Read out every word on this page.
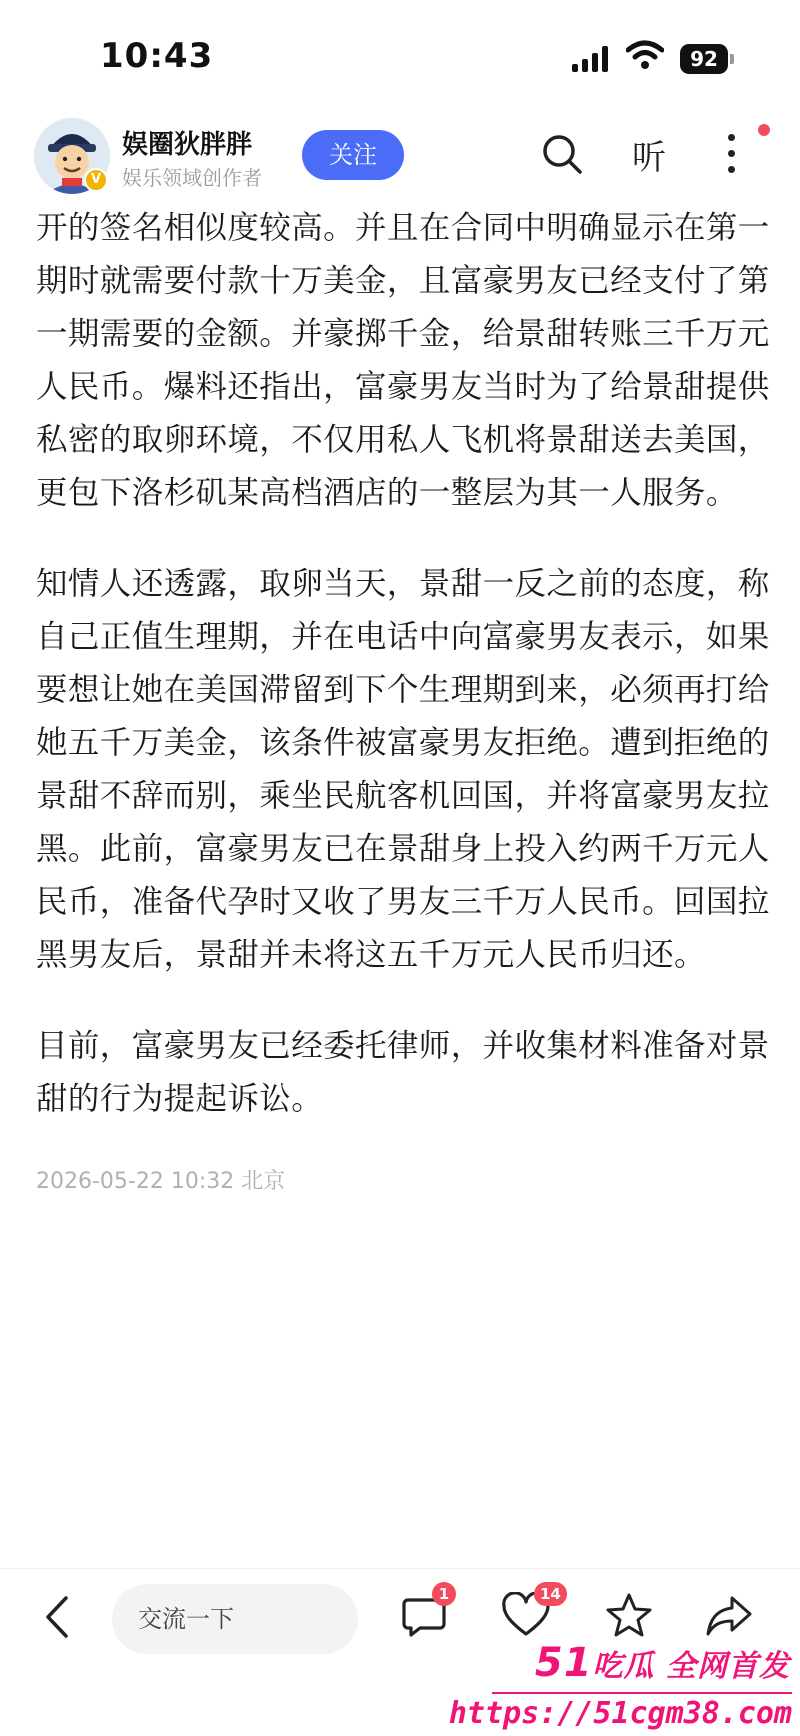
10:43	92
V
娱圈狄胖胖
娱乐领域创作者
关注	听

开的签名相似度较高。并且在合同中明确显示在第一期时就需要付款十万美金，且富豪男友已经支付了第一期需要的金额。并豪掷千金，给景甜转账三千万元人民币。爆料还指出，富豪男友当时为了给景甜提供私密的取卵环境，不仅用私人飞机将景甜送去美国，更包下洛杉矶某高档酒店的一整层为其一人服务。

知情人还透露，取卵当天，景甜一反之前的态度，称自己正值生理期，并在电话中向富豪男友表示，如果要想让她在美国滞留到下个生理期到来，必须再打给她五千万美金，该条件被富豪男友拒绝。遭到拒绝的景甜不辞而别，乘坐民航客机回国，并将富豪男友拉黑。此前，富豪男友已在景甜身上投入约两千万元人民币，准备代孕时又收了男友三千万人民币。回国拉黑男友后，景甜并未将这五千万元人民币归还。

目前，富豪男友已经委托律师，并收集材料准备对景甜的行为提起诉讼。

2026-05-22 10:32 北京
交流一下
1	14
51吃瓜 全网首发
https://51cgm38.com
